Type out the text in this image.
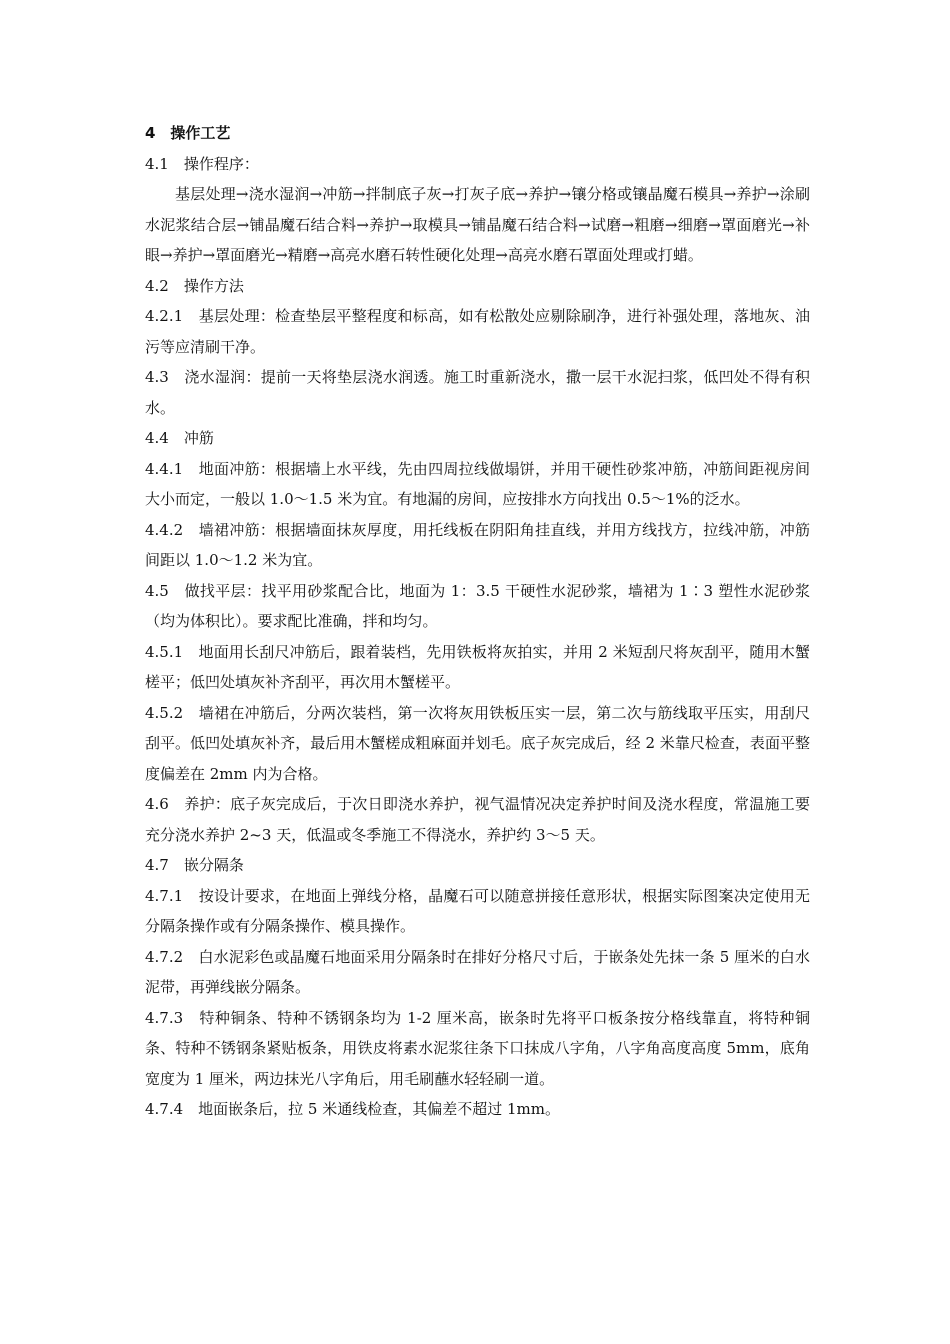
4　操作工艺

4.1　操作程序：

基层处理→浇水湿润→冲筋→拌制底子灰→打灰子底→养护→镶分格或镶晶魔石模具→养护→涂刷水泥浆结合层→铺晶魔石结合料→养护→取模具→铺晶魔石结合料→试磨→粗磨→细磨→罩面磨光→补眼→养护→罩面磨光→精磨→高亮水磨石转性硬化处理→高亮水磨石罩面处理或打蜡。

4.2　操作方法

4.2.1　基层处理：检查垫层平整程度和标高，如有松散处应剔除刷净，进行补强处理，落地灰、油污等应清刷干净。

4.3　浇水湿润：提前一天将垫层浇水润透。施工时重新浇水，撒一层干水泥扫浆，低凹处不得有积水。

4.4　冲筋

4.4.1　地面冲筋：根据墙上水平线，先由四周拉线做塌饼，并用干硬性砂浆冲筋，冲筋间距视房间大小而定，一般以 1.0～1.5 米为宜。有地漏的房间，应按排水方向找出 0.5～1%的泛水。

4.4.2　墙裙冲筋：根据墙面抹灰厚度，用托线板在阴阳角挂直线，并用方线找方，拉线冲筋，冲筋间距以 1.0～1.2 米为宜。

4.5　做找平层：找平用砂浆配合比，地面为 1：3.5 干硬性水泥砂浆，墙裙为 1∶3 塑性水泥砂浆（均为体积比）。要求配比准确，拌和均匀。

4.5.1　地面用长刮尺冲筋后，跟着装档，先用铁板将灰拍实，并用 2 米短刮尺将灰刮平，随用木蟹槎平；低凹处填灰补齐刮平，再次用木蟹槎平。

4.5.2　墙裙在冲筋后，分两次装档，第一次将灰用铁板压实一层，第二次与筋线取平压实，用刮尺刮平。低凹处填灰补齐，最后用木蟹槎成粗麻面并划毛。底子灰完成后，经 2 米靠尺检查，表面平整度偏差在 2mm 内为合格。

4.6　养护：底子灰完成后，于次日即浇水养护，视气温情况决定养护时间及浇水程度，常温施工要充分浇水养护 2~3 天，低温或冬季施工不得浇水，养护约 3～5 天。

4.7　嵌分隔条

4.7.1　按设计要求，在地面上弹线分格，晶魔石可以随意拼接任意形状，根据实际图案决定使用无分隔条操作或有分隔条操作、模具操作。

4.7.2　白水泥彩色或晶魔石地面采用分隔条时在排好分格尺寸后，于嵌条处先抹一条 5 厘米的白水泥带，再弹线嵌分隔条。

4.7.3　特种铜条、特种不锈钢条均为 1-2 厘米高，嵌条时先将平口板条按分格线靠直，将特种铜条、特种不锈钢条紧贴板条，用铁皮将素水泥浆往条下口抹成八字角，八字角高度高度 5mm，底角宽度为 1 厘米，两边抹光八字角后，用毛刷蘸水轻轻刷一道。

4.7.4　地面嵌条后，拉 5 米通线检查，其偏差不超过 1mm。
